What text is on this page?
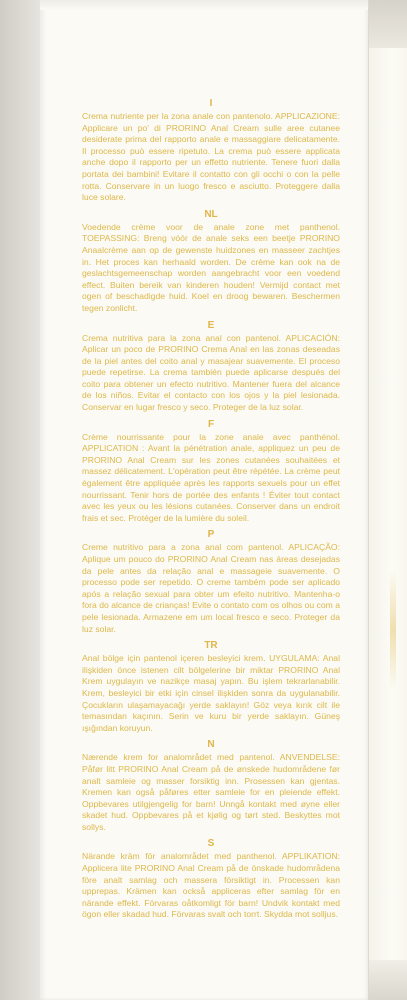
I
Crema nutriente per la zona anale con pantenolo. APPLICAZIONE: Applicare un po' di PRORINO Anal Cream sulle aree cutanee desiderate prima del rapporto anale e massaggiare delicatamente. Il processo può essere ripetuto. La crema può essere applicata anche dopo il rapporto per un effetto nutriente. Tenere fuori dalla portata dei bambini! Evitare il contatto con gli occhi o con la pelle rotta. Conservare in un luogo fresco e asciutto. Proteggere dalla luce solare.
NL
Voedende crème voor de anale zone met panthenol. TOEPASSING: Breng vóór de anale seks een beetje PRORINO Anaalcrème aan op de gewenste huidzones en masseer zachtjes in. Het proces kan herhaald worden. De crème kan ook na de geslachtsgemeenschap worden aangebracht voor een voedend effect. Buiten bereik van kinderen houden! Vermijd contact met ogen of beschadigde huid. Koel en droog bewaren. Beschermen tegen zonlicht.
E
Crema nutritiva para la zona anal con pantenol. APLICACIÓN: Aplicar un poco de PRORINO Crema Anal en las zonas deseadas de la piel antes del coito anal y masajear suavemente. El proceso puede repetirse. La crema también puede aplicarse después del coito para obtener un efecto nutritivo. Mantener fuera del alcance de los niños. Evitar el contacto con los ojos y la piel lesionada. Conservar en lugar fresco y seco. Proteger de la luz solar.
F
Crème nourrissante pour la zone anale avec panthénol. APPLICATION : Avant la pénétration anale, appliquez un peu de PRORINO Anal Cream sur les zones cutanées souhaitées et massez délicatement. L'opération peut être répétée. La crème peut également être appliquée après les rapports sexuels pour un effet nourrissant. Tenir hors de portée des enfants ! Éviter tout contact avec les yeux ou les lésions cutanées. Conserver dans un endroit frais et sec. Protéger de la lumière du soleil.
P
Creme nutritivo para a zona anal com pantenol. APLICAÇÃO: Aplique um pouco do PRORINO Anal Cream nas áreas desejadas da pele antes da relação anal e massageie suavemente. O processo pode ser repetido. O creme também pode ser aplicado após a relação sexual para obter um efeito nutritivo. Mantenha-o fora do alcance de crianças! Evite o contato com os olhos ou com a pele lesionada. Armazene em um local fresco e seco. Proteger da luz solar.
TR
Anal bölge için pantenol içeren besleyici krem. UYGULAMA: Anal ilişkiden önce istenen cilt bölgelerine bir miktar PRORINO Anal Krem uygulayın ve nazikçe masaj yapın. Bu işlem tekrarlanabilir. Krem, besleyici bir etki için cinsel ilişkiden sonra da uygulanabilir. Çocukların ulaşamayacağı yerde saklayın! Göz veya kırık cilt ile temasından kaçının. Serin ve kuru bir yerde saklayın. Güneş ışığından koruyun.
N
Nærende krem for analområdet med pantenol. ANVENDELSE: Påfør litt PRORINO Anal Cream på de ønskede hudområdene før analt samleie og masser forsiktig inn. Prosessen kan gjentas. Kremen kan også påføres etter samleie for en pleiende effekt. Oppbevares utilgjengelig for barn! Unngå kontakt med øyne eller skadet hud. Oppbevares på et kjølig og tørt sted. Beskyttes mot sollys.
S
Närande kräm för analområdet med panthenol. APPLIKATION: Applicera lite PRORINO Anal Cream på de önskade hudområdena före analt samlag och massera försiktigt in. Processen kan upprepas. Krämen kan också appliceras efter samlag för en närande effekt. Förvaras oåtkomligt för barn! Undvik kontakt med ögon eller skadad hud. Förvaras svalt och torrt. Skydda mot solljus.
